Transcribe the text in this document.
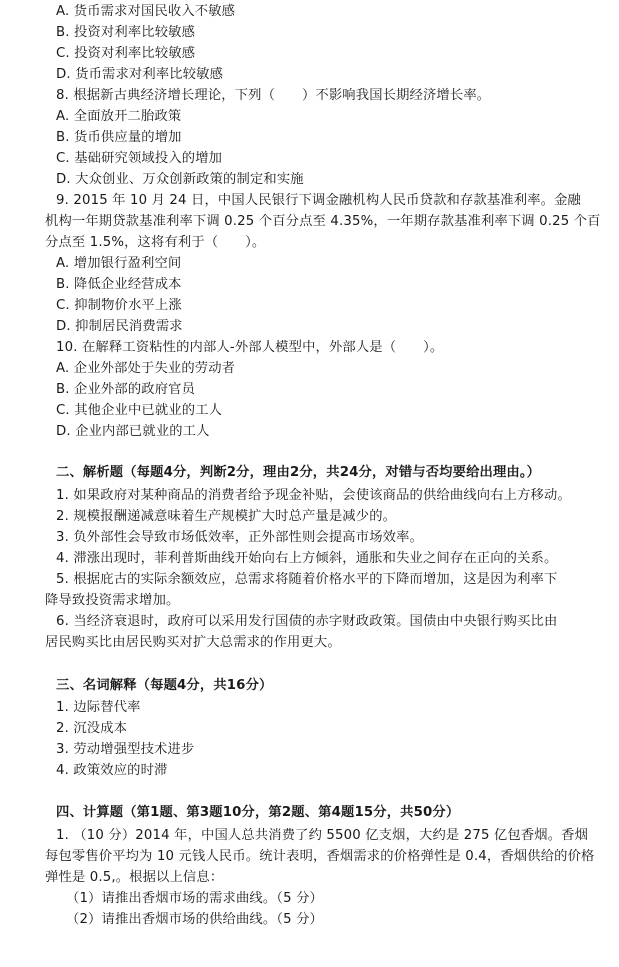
A. 货币需求对国民收入不敏感
B. 投资对利率比较敏感
C. 投资对利率比较敏感
D. 货币需求对利率比较敏感
8. 根据新古典经济增长理论，下列（　　）不影响我国长期经济增长率。
A. 全面放开二胎政策
B. 货币供应量的增加
C. 基础研究领域投入的增加
D. 大众创业、万众创新政策的制定和实施
9. 2015 年 10 月 24 日，中国人民银行下调金融机构人民币贷款和存款基准利率。金融
机构一年期贷款基准利率下调 0.25 个百分点至 4.35%，一年期存款基准利率下调 0.25 个百
分点至 1.5%，这将有利于（　　）。
A. 增加银行盈利空间
B. 降低企业经营成本
C. 抑制物价水平上涨
D. 抑制居民消费需求
10. 在解释工资粘性的内部人-外部人模型中，外部人是（　　）。
A. 企业外部处于失业的劳动者
B. 企业外部的政府官员
C. 其他企业中已就业的工人
D. 企业内部已就业的工人
二、解析题（每题4分，判断2分，理由2分，共24分，对错与否均要给出理由。）
1. 如果政府对某种商品的消费者给予现金补贴，会使该商品的供给曲线向右上方移动。
2. 规模报酬递减意味着生产规模扩大时总产量是减少的。
3. 负外部性会导致市场低效率，正外部性则会提高市场效率。
4. 滞涨出现时，菲利普斯曲线开始向右上方倾斜，通胀和失业之间存在正向的关系。
5. 根据庇古的实际余额效应，总需求将随着价格水平的下降而增加，这是因为利率下
降导致投资需求增加。
6. 当经济衰退时，政府可以采用发行国债的赤字财政政策。国债由中央银行购买比由
居民购买比由居民购买对扩大总需求的作用更大。
三、名词解释（每题4分，共16分）
1. 边际替代率
2. 沉没成本
3. 劳动增强型技术进步
4. 政策效应的时滞
四、计算题（第1题、第3题10分，第2题、第4题15分，共50分）
1. （10 分）2014 年，中国人总共消费了约 5500 亿支烟，大约是 275 亿包香烟。香烟
每包零售价平均为 10 元钱人民币。统计表明，香烟需求的价格弹性是 0.4，香烟供给的价格
弹性是 0.5,。根据以上信息：
（1）请推出香烟市场的需求曲线。（5 分）
（2）请推出香烟市场的供给曲线。（5 分）
